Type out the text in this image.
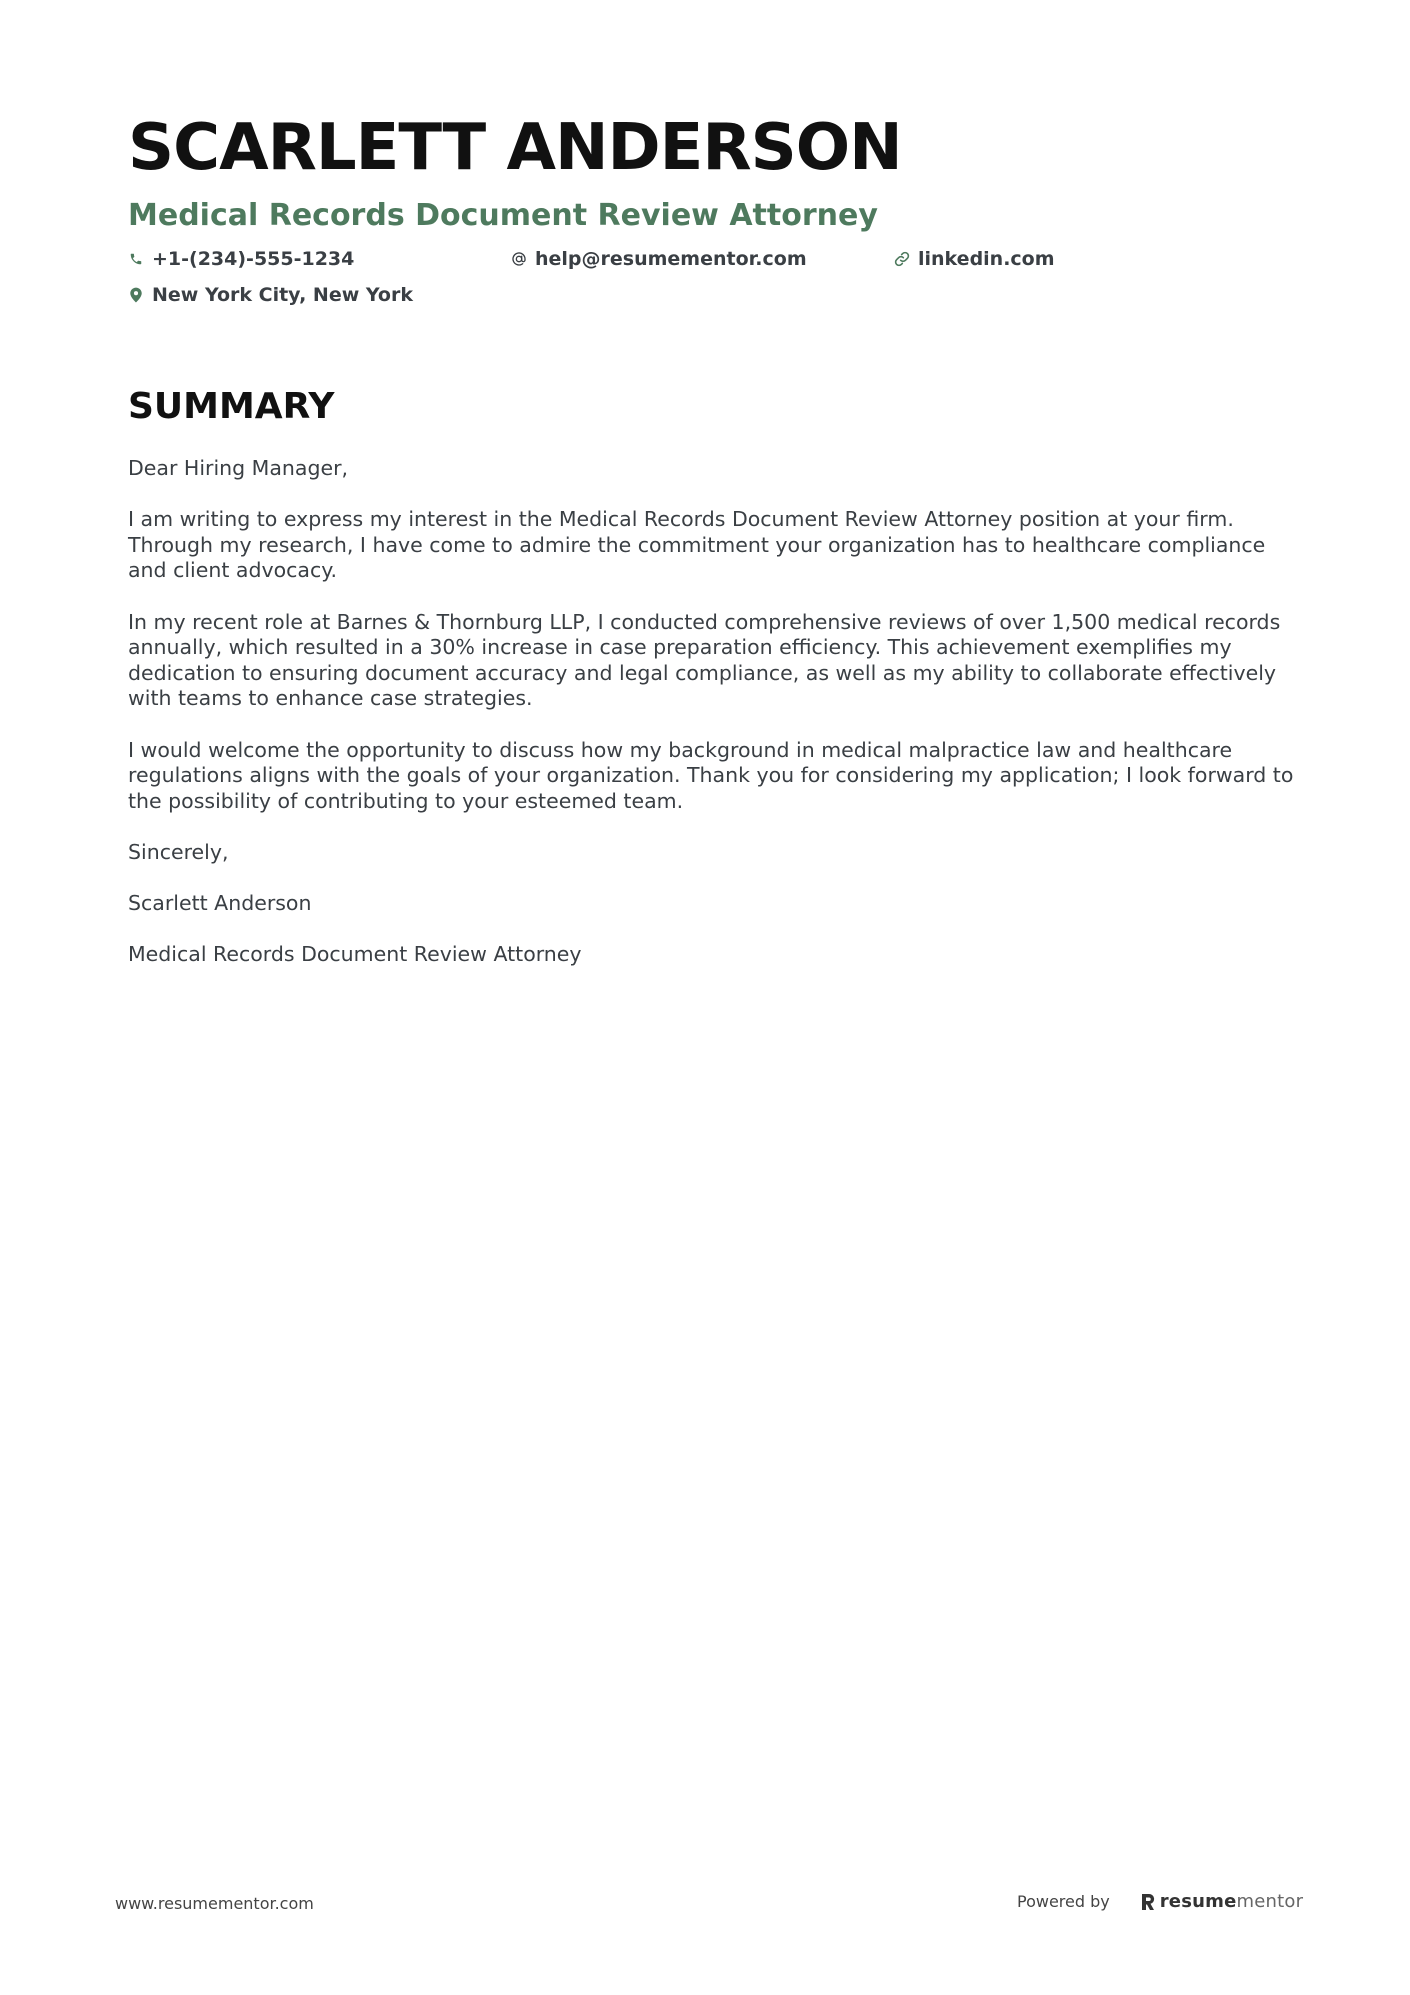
SCARLETT ANDERSON
Medical Records Document Review Attorney
+1-(234)-555-1234	help@resumementor.com	linkedin.com
New York City, New York
SUMMARY

Dear Hiring Manager,

I am writing to express my interest in the Medical Records Document Review Attorney position at your firm. Through my research, I have come to admire the commitment your organization has to healthcare compliance and client advocacy.

In my recent role at Barnes & Thornburg LLP, I conducted comprehensive reviews of over 1,500 medical records annually, which resulted in a 30% increase in case preparation efficiency. This achievement exemplifies my dedication to ensuring document accuracy and legal compliance, as well as my ability to collaborate effectively with teams to enhance case strategies.

I would welcome the opportunity to discuss how my background in medical malpractice law and healthcare regulations aligns with the goals of your organization. Thank you for considering my application; I look forward to the possibility of contributing to your esteemed team.

Sincerely,

Scarlett Anderson

Medical Records Document Review Attorney

www.resumementor.com	Powered by	resumementor
